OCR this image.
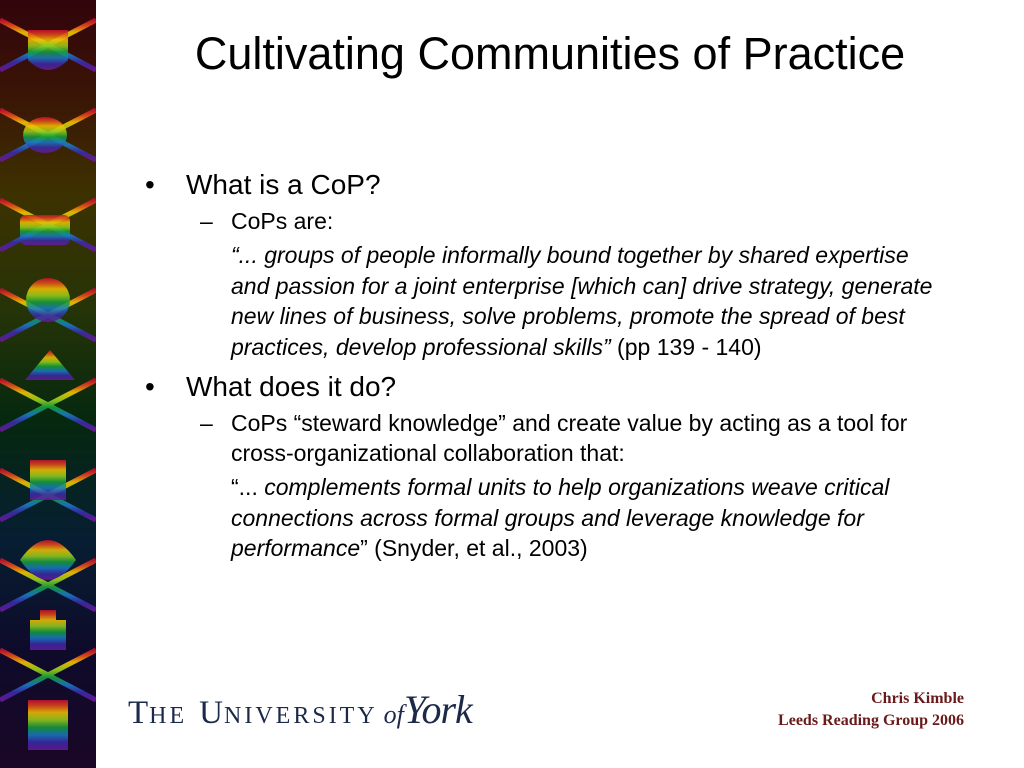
Cultivating Communities of Practice
• What is a CoP?
– CoPs are:
“... groups of people informally bound together by shared expertise and passion for a joint enterprise [which can] drive strategy, generate new lines of business, solve problems, promote the spread of best practices, develop professional skills” (pp 139 - 140)
• What does it do?
– CoPs “steward knowledge” and create value by acting as a tool for cross-organizational collaboration that:
“... complements formal units to help organizations weave critical connections across formal groups and leverage knowledge for performance” (Snyder, et al., 2003)
T HE U NIVERSITY of York	Chris Kimble
Leeds Reading Group 2006
